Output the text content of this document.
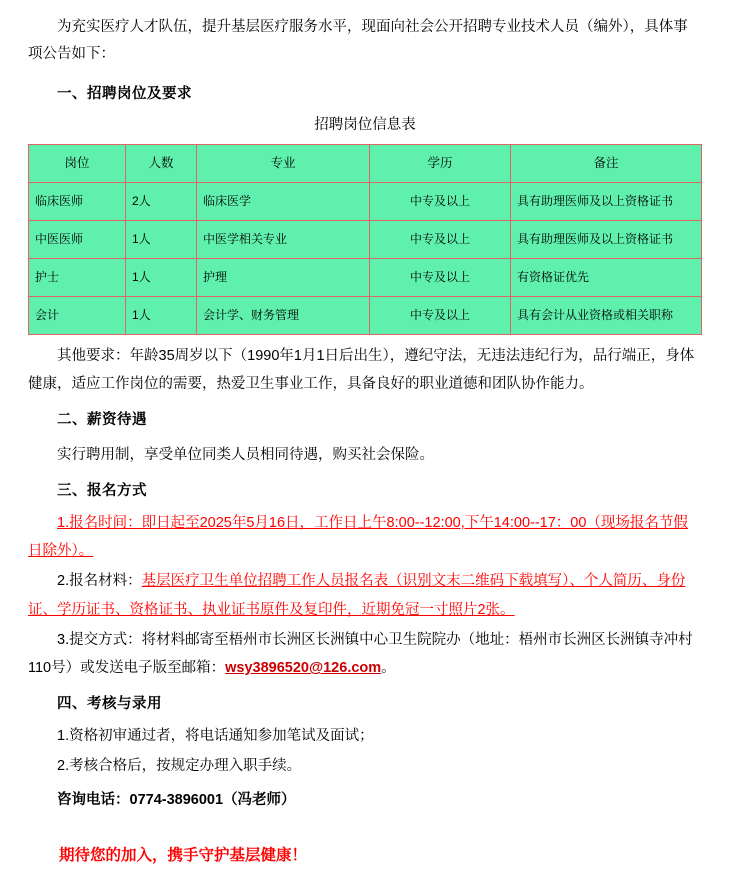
为充实医疗人才队伍，提升基层医疗服务水平，现面向社会公开招聘专业技术人员（编外），具体事项公告如下：

一、招聘岗位及要求

招聘岗位信息表

岗位	人数	专业	学历	备注
临床医师	2人	临床医学	中专及以上	具有助理医师及以上资格证书
中医医师	1人	中医学相关专业	中专及以上	具有助理医师及以上资格证书
护士	1人	护理	中专及以上	有资格证优先
会计	1人	会计学、财务管理	中专及以上	具有会计从业资格或相关职称

其他要求：年龄35周岁以下（1990年1月1日后出生），遵纪守法，无违法违纪行为，品行端正，身体健康，适应工作岗位的需要，热爱卫生事业工作，具备良好的职业道德和团队协作能力。

二、薪资待遇

实行聘用制，享受单位同类人员相同待遇，购买社会保险。

三、报名方式

1.报名时间：即日起至2025年5月16日，工作日上午8:00--12:00,下午14:00--17：00（现场报名节假日除外）。

2.报名材料：基层医疗卫生单位招聘工作人员报名表（识别文末二维码下载填写）、个人简历、身份证、学历证书、资格证书、执业证书原件及复印件，近期免冠一寸照片2张。

3.提交方式：将材料邮寄至梧州市长洲区长洲镇中心卫生院院办（地址：梧州市长洲区长洲镇寺冲村110号）或发送电子版至邮箱：wsy3896520@126.com。

四、考核与录用

1.资格初审通过者，将电话通知参加笔试及面试；

2.考核合格后，按规定办理入职手续。

咨询电话：0774-3896001（冯老师）

期待您的加入，携手守护基层健康！
